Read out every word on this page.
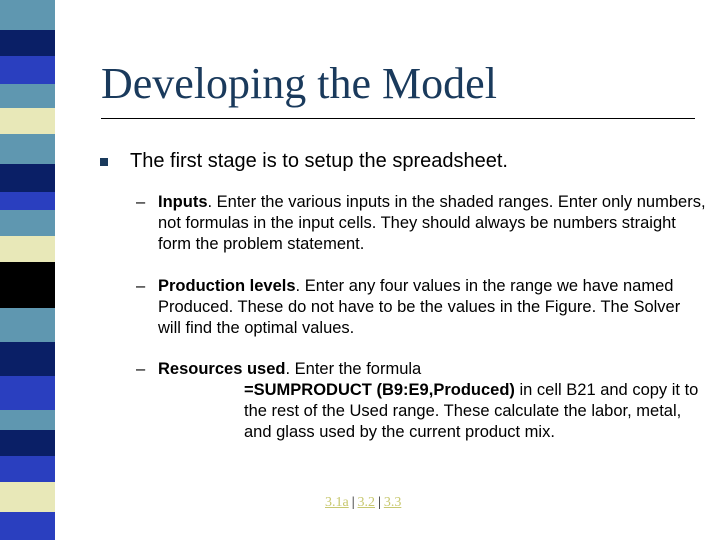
Developing the Model
The first stage is to setup the spreadsheet.
– Inputs. Enter the various inputs in the shaded ranges. Enter only numbers, not formulas in the input cells. They should always be numbers straight form the problem statement.
– Production levels. Enter any four values in the range we have named Produced. These do not have to be the values in the Figure. The Solver will find the optimal values.
– Resources used. Enter the formula
=SUMPRODUCT (B9:E9,Produced) in cell B21 and copy it to the rest of the Used range. These calculate the labor, metal, and glass used by the current product mix.
3.1a | 3.2 | 3.3
